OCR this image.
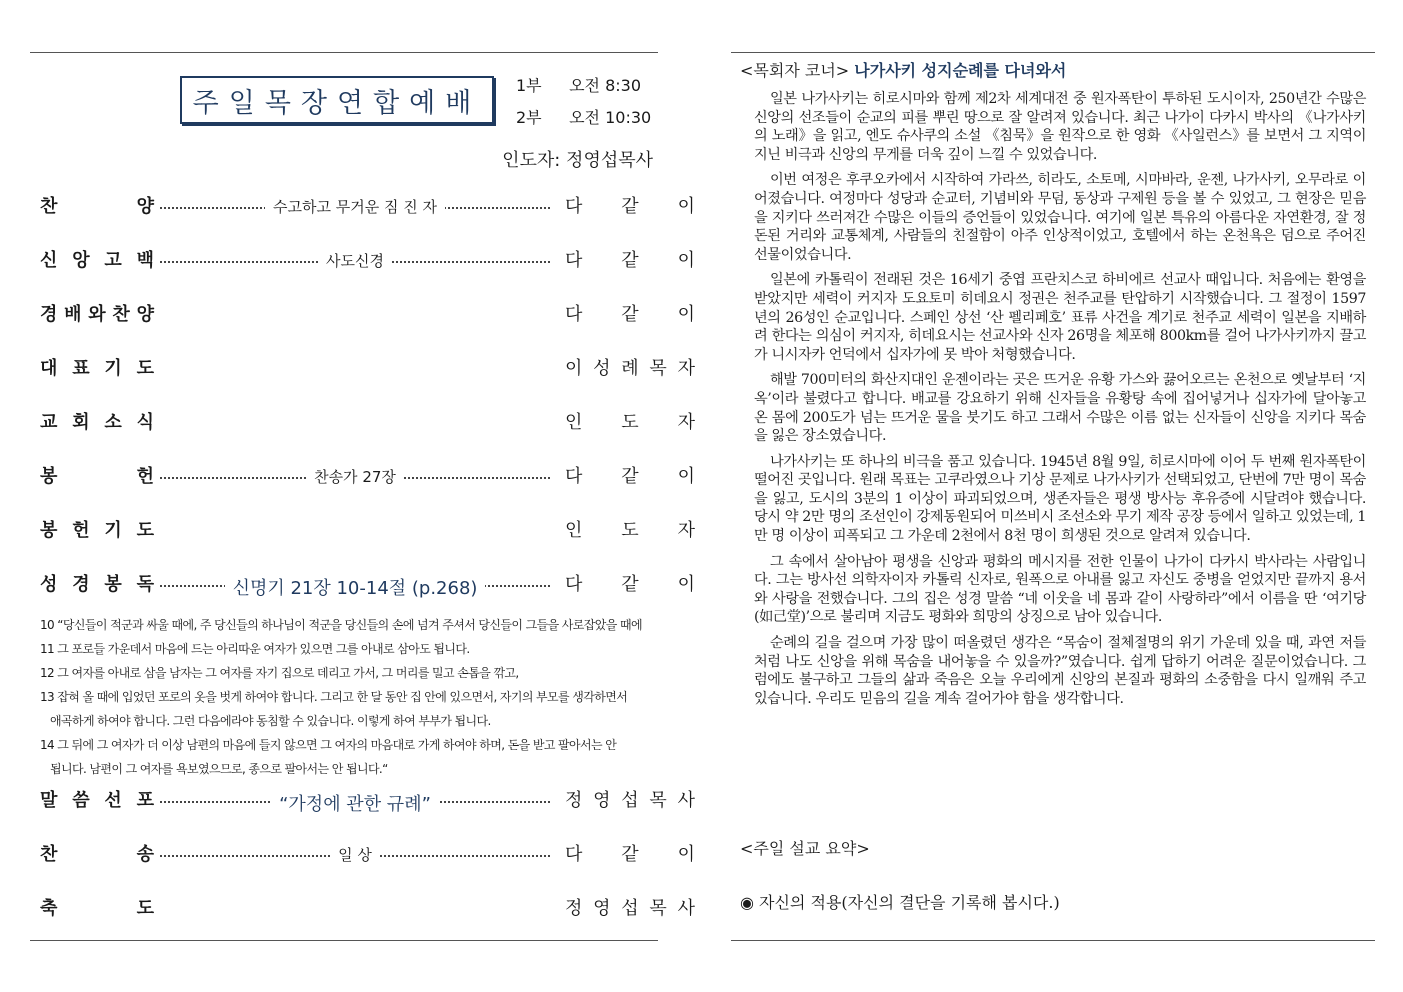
주일목장연합예배
1부 오전 8:30
2부 오전 10:30
인도자: 정영섭목사
찬	양	수고하고 무거운 짐 진 자	다 같 이
신 앙 고 백	사도신경	다 같 이
경 배 와 찬 양	다 같 이
대 표 기 도	이 성 례 목 자
교 회 소 식	인 도 자
봉	헌	찬송가 27장	다 같 이
봉 헌 기 도	인 도 자
성 경 봉 독	신명기 21장 10-14절 (p.268)	다 같 이
말 씀 선 포	“가정에 관한 규례”	정 영 섭 목 사
찬	송	일 상	다 같 이
축	도	정 영 섭 목 사
10 “당신들이 적군과 싸울 때에, 주 당신들의 하나님이 적군을 당신들의 손에 넘겨 주셔서 당신들이 그들을 사로잡았을 때에
11 그 포로들 가운데서 마음에 드는 아리따운 여자가 있으면 그를 아내로 삼아도 됩니다.
12 그 여자를 아내로 삼을 남자는 그 여자를 자기 집으로 데리고 가서, 그 머리를 밀고 손톱을 깎고,
13 잡혀 올 때에 입었던 포로의 옷을 벗게 하여야 합니다. 그리고 한 달 동안 집 안에 있으면서, 자기의 부모를 생각하면서
애곡하게 하여야 합니다. 그런 다음에라야 동침할 수 있습니다. 이렇게 하여 부부가 됩니다.
14 그 뒤에 그 여자가 더 이상 남편의 마음에 들지 않으면 그 여자의 마음대로 가게 하여야 하며, 돈을 받고 팔아서는 안
됩니다. 남편이 그 여자를 욕보였으므로, 종으로 팔아서는 안 됩니다.“
<목회자 코너> 나가사키 성지순례를 다녀와서

일본 나가사키는 히로시마와 함께 제2차 세계대전 중 원자폭탄이 투하된 도시이자, 250년간 수많은 신앙의 선조들이 순교의 피를 뿌린 땅으로 잘 알려져 있습니다. 최근 나가이 다카시 박사의 《나가사키의 노래》을 읽고, 엔도 슈사쿠의 소설 《침묵》을 원작으로 한 영화 《사일런스》를 보면서 그 지역이 지닌 비극과 신앙의 무게를 더욱 깊이 느낄 수 있었습니다.

이번 여정은 후쿠오카에서 시작하여 가라쓰, 히라도, 소토메, 시마바라, 운젠, 나가사키, 오무라로 이어졌습니다. 여정마다 성당과 순교터, 기념비와 무덤, 동상과 구제원 등을 볼 수 있었고, 그 현장은 믿음을 지키다 쓰러져간 수많은 이들의 증언들이 있었습니다. 여기에 일본 특유의 아름다운 자연환경, 잘 정돈된 거리와 교통체계, 사람들의 친절함이 아주 인상적이었고, 호텔에서 하는 온천욕은 덤으로 주어진 선물이었습니다.

일본에 카톨릭이 전래된 것은 16세기 중엽 프란치스코 하비에르 선교사 때입니다. 처음에는 환영을 받았지만 세력이 커지자 도요토미 히데요시 정권은 천주교를 탄압하기 시작했습니다. 그 절정이 1597년의 26성인 순교입니다. 스페인 상선 ‘산 펠리페호’ 표류 사건을 계기로 천주교 세력이 일본을 지배하려 한다는 의심이 커지자, 히데요시는 선교사와 신자 26명을 체포해 800km를 걸어 나가사키까지 끌고가 니시자카 언덕에서 십자가에 못 박아 처형했습니다.

해발 700미터의 화산지대인 운젠이라는 곳은 뜨거운 유황 가스와 끓어오르는 온천으로 옛날부터 ‘지옥’이라 불렸다고 합니다. 배교를 강요하기 위해 신자들을 유황탕 속에 집어넣거나 십자가에 달아놓고 온 몸에 200도가 넘는 뜨거운 물을 붓기도 하고 그래서 수많은 이름 없는 신자들이 신앙을 지키다 목숨을 잃은 장소였습니다.

나가사키는 또 하나의 비극을 품고 있습니다. 1945년 8월 9일, 히로시마에 이어 두 번째 원자폭탄이 떨어진 곳입니다. 원래 목표는 고쿠라였으나 기상 문제로 나가사키가 선택되었고, 단번에 7만 명이 목숨을 잃고, 도시의 3분의 1 이상이 파괴되었으며, 생존자들은 평생 방사능 후유증에 시달려야 했습니다. 당시 약 2만 명의 조선인이 강제동원되어 미쓰비시 조선소와 무기 제작 공장 등에서 일하고 있었는데, 1만 명 이상이 피폭되고 그 가운데 2천에서 8천 명이 희생된 것으로 알려져 있습니다.

그 속에서 살아남아 평생을 신앙과 평화의 메시지를 전한 인물이 나가이 다카시 박사라는 사람입니다. 그는 방사선 의학자이자 카톨릭 신자로, 원폭으로 아내를 잃고 자신도 중병을 얻었지만 끝까지 용서와 사랑을 전했습니다. 그의 집은 성경 말씀 “네 이웃을 네 몸과 같이 사랑하라”에서 이름을 딴 ‘여기당(如己堂)’으로 불리며 지금도 평화와 희망의 상징으로 남아 있습니다.

순례의 길을 걸으며 가장 많이 떠올렸던 생각은 “목숨이 절체절명의 위기 가운데 있을 때, 과연 저들처럼 나도 신앙을 위해 목숨을 내어놓을 수 있을까?”였습니다. 쉽게 답하기 어려운 질문이었습니다. 그럼에도 불구하고 그들의 삶과 죽음은 오늘 우리에게 신앙의 본질과 평화의 소중함을 다시 일깨워 주고 있습니다. 우리도 믿음의 길을 계속 걸어가야 함을 생각합니다.

<주일 설교 요약>
◉ 자신의 적용(자신의 결단을 기록해 봅시다.)
